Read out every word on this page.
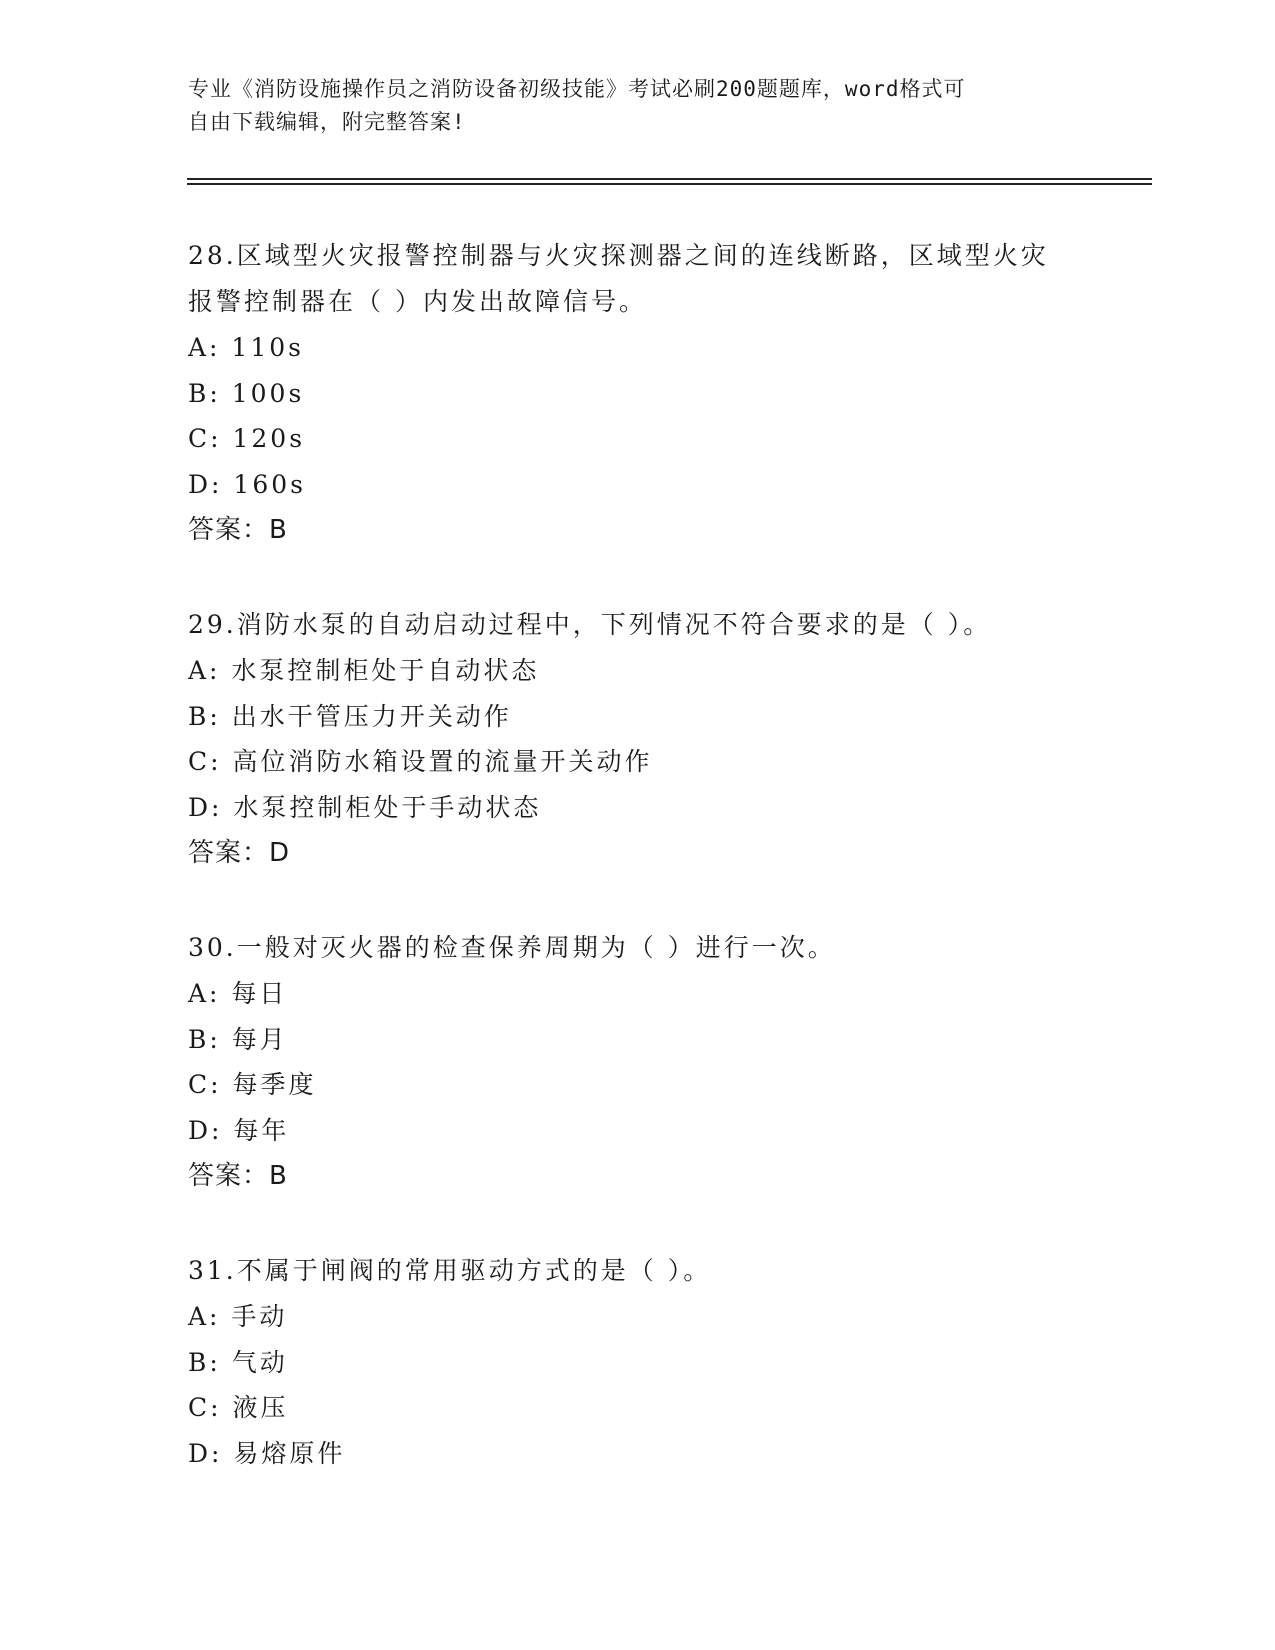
专业《消防设施操作员之消防设备初级技能》考试必刷200题题库，word格式可
自由下载编辑，附完整答案!
28.区域型火灾报警控制器与火灾探测器之间的连线断路，区域型火灾
报警控制器在（ ）内发出故障信号。
A: 110s
B: 100s
C: 120s
D: 160s
答案：B
29.消防水泵的自动启动过程中，下列情况不符合要求的是（ ）。
A: 水泵控制柜处于自动状态
B: 出水干管压力开关动作
C: 高位消防水箱设置的流量开关动作
D: 水泵控制柜处于手动状态
答案：D
30.一般对灭火器的检查保养周期为（ ）进行一次。
A: 每日
B: 每月
C: 每季度
D: 每年
答案：B
31.不属于闸阀的常用驱动方式的是（ ）。
A: 手动
B: 气动
C: 液压
D: 易熔原件
